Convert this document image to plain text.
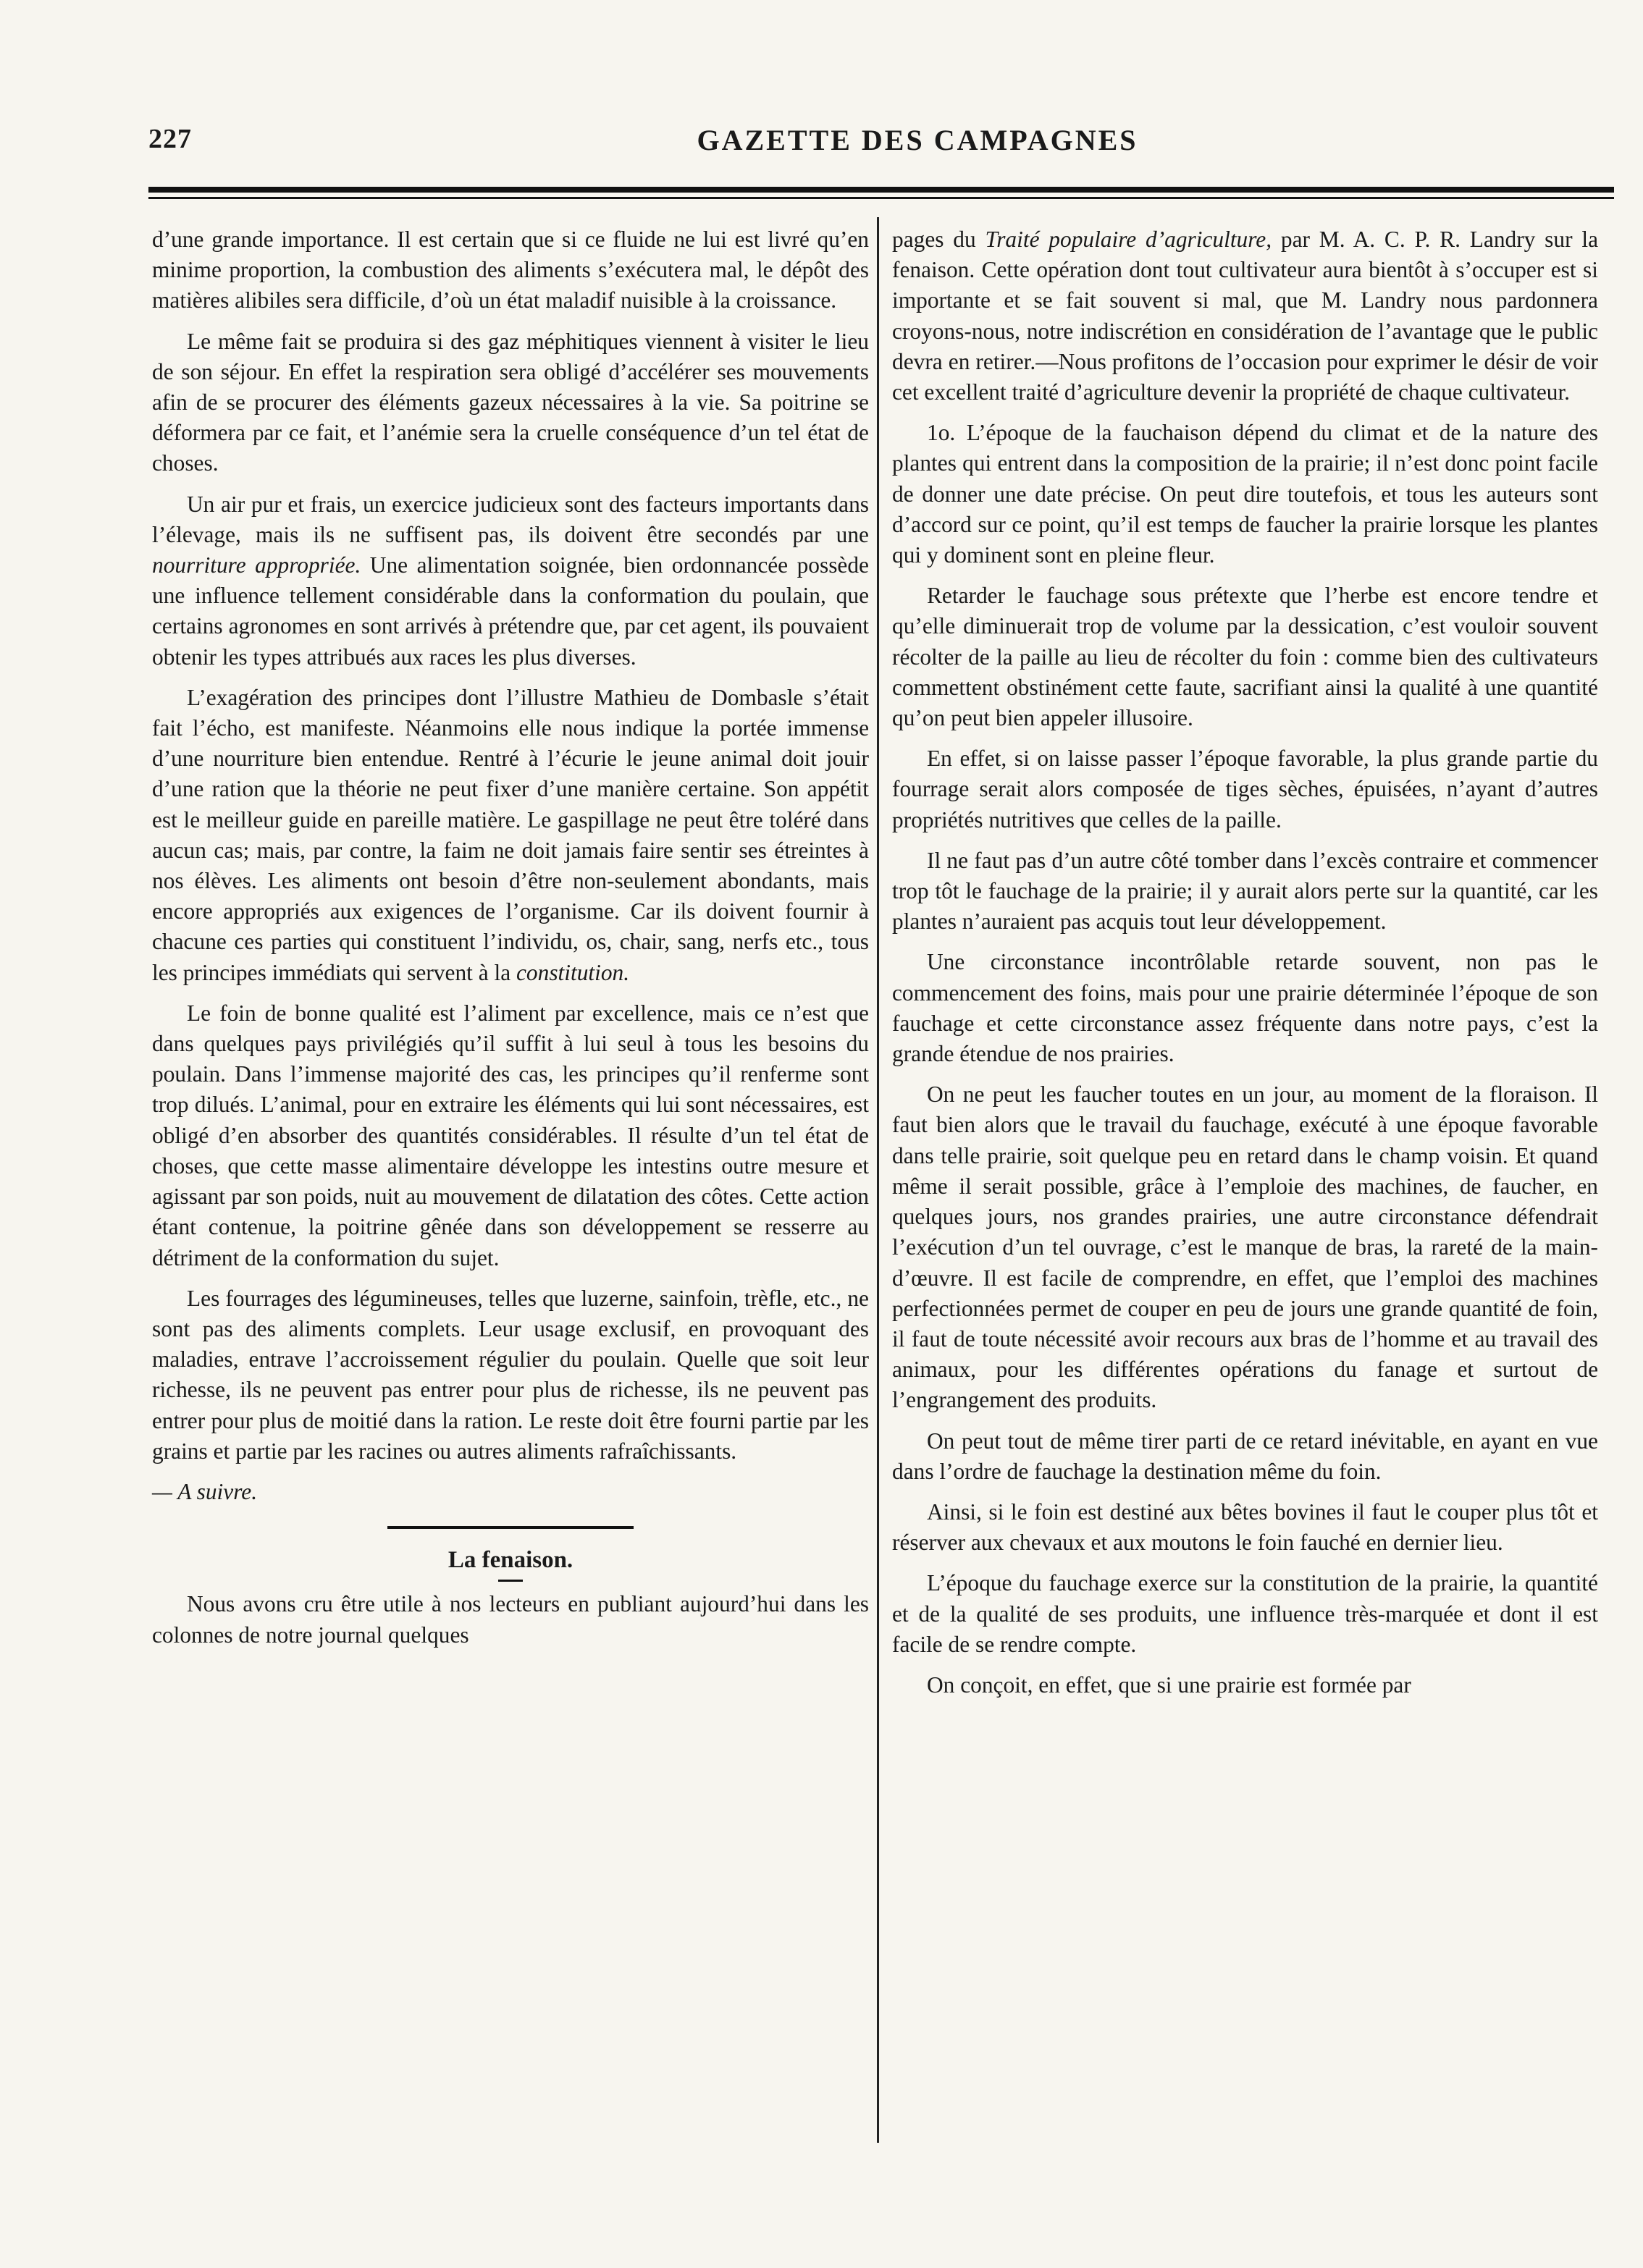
227	GAZETTE DES CAMPAGNES

d’une grande importance. Il est certain que si ce fluide ne lui est livré qu’en minime proportion, la combustion des aliments s’exécutera mal, le dépôt des matières alibiles sera difficile, d’où un état maladif nuisible à la croissance.

Le même fait se produira si des gaz méphitiques viennent à visiter le lieu de son séjour. En effet la respiration sera obligé d’accélérer ses mouvements afin de se procurer des éléments gazeux nécessaires à la vie. Sa poitrine se déformera par ce fait, et l’anémie sera la cruelle conséquence d’un tel état de choses.

Un air pur et frais, un exercice judicieux sont des facteurs importants dans l’élevage, mais ils ne suffisent pas, ils doivent être secondés par une nourriture appropriée. Une alimentation soignée, bien ordonnancée possède une influence tellement considérable dans la conformation du poulain, que certains agronomes en sont arrivés à prétendre que, par cet agent, ils pouvaient obtenir les types attribués aux races les plus diverses.

L’exagération des principes dont l’illustre Mathieu de Dombasle s’était fait l’écho, est manifeste. Néanmoins elle nous indique la portée immense d’une nourriture bien entendue. Rentré à l’écurie le jeune animal doit jouir d’une ration que la théorie ne peut fixer d’une manière certaine. Son appétit est le meilleur guide en pareille matière. Le gaspillage ne peut être toléré dans aucun cas; mais, par contre, la faim ne doit jamais faire sentir ses étreintes à nos élèves. Les aliments ont besoin d’être non-seulement abondants, mais encore appropriés aux exigences de l’organisme. Car ils doivent fournir à chacune ces parties qui constituent l’individu, os, chair, sang, nerfs etc., tous les principes immédiats qui servent à la constitution.

Le foin de bonne qualité est l’aliment par excellence, mais ce n’est que dans quelques pays privilégiés qu’il suffit à lui seul à tous les besoins du poulain. Dans l’immense majorité des cas, les principes qu’il renferme sont trop dilués. L’animal, pour en extraire les éléments qui lui sont nécessaires, est obligé d’en absorber des quantités considérables. Il résulte d’un tel état de choses, que cette masse alimentaire développe les intestins outre mesure et agissant par son poids, nuit au mouvement de dilatation des côtes. Cette action étant contenue, la poitrine gênée dans son développement se resserre au détriment de la conformation du sujet.

Les fourrages des légumineuses, telles que luzerne, sainfoin, trèfle, etc., ne sont pas des aliments complets. Leur usage exclusif, en provoquant des maladies, entrave l’accroissement régulier du poulain. Quelle que soit leur richesse, ils ne peuvent pas entrer pour plus de richesse, ils ne peuvent pas entrer pour plus de moitié dans la ration. Le reste doit être fourni partie par les grains et partie par les racines ou autres aliments rafraîchissants.

— A suivre.

La fenaison.

Nous avons cru être utile à nos lecteurs en publiant aujourd’hui dans les colonnes de notre journal quelques

pages du Traité populaire d’agriculture, par M. A. C. P. R. Landry sur la fenaison. Cette opération dont tout cultivateur aura bientôt à s’occuper est si importante et se fait souvent si mal, que M. Landry nous pardonnera croyons-nous, notre indiscrétion en considération de l’avantage que le public devra en retirer.—Nous profitons de l’occasion pour exprimer le désir de voir cet excellent traité d’agriculture devenir la propriété de chaque cultivateur.

1o. L’époque de la fauchaison dépend du climat et de la nature des plantes qui entrent dans la composition de la prairie; il n’est donc point facile de donner une date précise. On peut dire toutefois, et tous les auteurs sont d’accord sur ce point, qu’il est temps de faucher la prairie lorsque les plantes qui y dominent sont en pleine fleur.

Retarder le fauchage sous prétexte que l’herbe est encore tendre et qu’elle diminuerait trop de volume par la dessication, c’est vouloir souvent récolter de la paille au lieu de récolter du foin : comme bien des cultivateurs commettent obstinément cette faute, sacrifiant ainsi la qualité à une quantité qu’on peut bien appeler illusoire.

En effet, si on laisse passer l’époque favorable, la plus grande partie du fourrage serait alors composée de tiges sèches, épuisées, n’ayant d’autres propriétés nutritives que celles de la paille.

Il ne faut pas d’un autre côté tomber dans l’excès contraire et commencer trop tôt le fauchage de la prairie; il y aurait alors perte sur la quantité, car les plantes n’auraient pas acquis tout leur développement.

Une circonstance incontrôlable retarde souvent, non pas le commencement des foins, mais pour une prairie déterminée l’époque de son fauchage et cette circonstance assez fréquente dans notre pays, c’est la grande étendue de nos prairies.

On ne peut les faucher toutes en un jour, au moment de la floraison. Il faut bien alors que le travail du fauchage, exécuté à une époque favorable dans telle prairie, soit quelque peu en retard dans le champ voisin. Et quand même il serait possible, grâce à l’emploie des machines, de faucher, en quelques jours, nos grandes prairies, une autre circonstance défendrait l’exécution d’un tel ouvrage, c’est le manque de bras, la rareté de la main-d’œuvre. Il est facile de comprendre, en effet, que l’emploi des machines perfectionnées permet de couper en peu de jours une grande quantité de foin, il faut de toute nécessité avoir recours aux bras de l’homme et au travail des animaux, pour les différentes opérations du fanage et surtout de l’engrangement des produits.

On peut tout de même tirer parti de ce retard inévitable, en ayant en vue dans l’ordre de fauchage la destination même du foin.

Ainsi, si le foin est destiné aux bêtes bovines il faut le couper plus tôt et réserver aux chevaux et aux moutons le foin fauché en dernier lieu.

L’époque du fauchage exerce sur la constitution de la prairie, la quantité et de la qualité de ses produits, une influence très-marquée et dont il est facile de se rendre compte.

On conçoit, en effet, que si une prairie est formée par
